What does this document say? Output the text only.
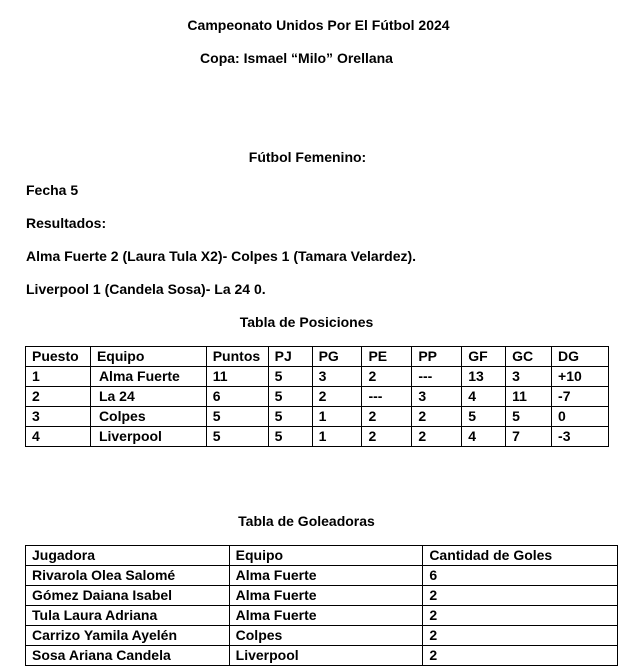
Campeonato Unidos Por El Fútbol 2024
Copa: Ismael “Milo” Orellana
Fútbol Femenino:
Fecha 5
Resultados:
Alma Fuerte 2 (Laura Tula X2)- Colpes 1 (Tamara Velardez).
Liverpool 1 (Candela Sosa)- La 24 0.
Tabla de Posiciones
Puesto	Equipo	Puntos	PJ	PG	PE	PP	GF	GC	DG
1	Alma Fuerte	11	5	3	2	---	13	3	+10
2	La 24	6	5	2	---	3	4	11	-7
3	Colpes	5	5	1	2	2	5	5	0
4	Liverpool	5	5	1	2	2	4	7	-3
Tabla de Goleadoras
Jugadora	Equipo	Cantidad de Goles
Rivarola Olea Salomé	Alma Fuerte	6
Gómez Daiana Isabel	Alma Fuerte	2
Tula Laura Adriana	Alma Fuerte	2
Carrizo Yamila Ayelén	Colpes	2
Sosa Ariana Candela	Liverpool	2
